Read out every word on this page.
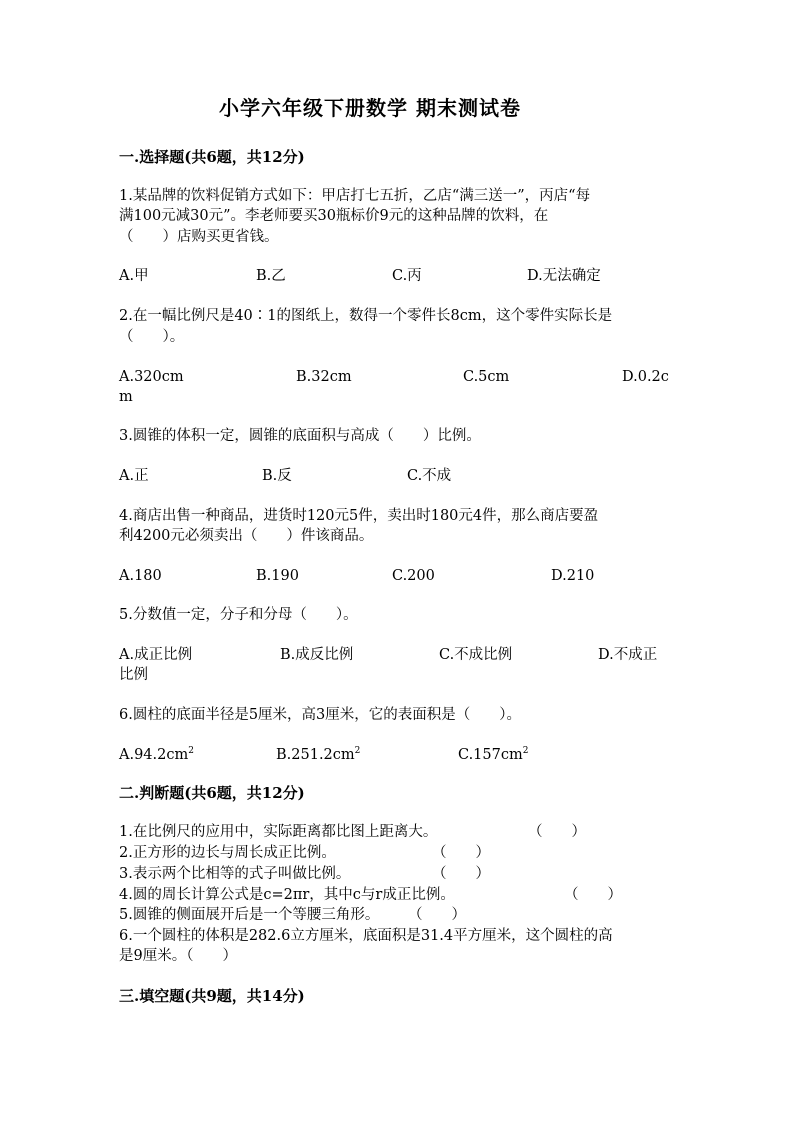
小学六年级下册数学 期末测试卷
一.选择题(共6题，共12分)
1.某品牌的饮料促销方式如下：甲店打七五折，乙店“满三送一”，丙店“每
满100元减30元”。李老师要买30瓶标价9元的这种品牌的饮料，在
（　　）店购买更省钱。
A.甲	B.乙	C.丙	D.无法确定
2.在一幅比例尺是40∶1的图纸上，数得一个零件长8cm，这个零件实际长是
（　　）。
A.320cm	B.32cm	C.5cm	D.0.2c
m
3.圆锥的体积一定，圆锥的底面积与高成（　　）比例。
A.正	B.反	C.不成
4.商店出售一种商品，进货时120元5件，卖出时180元4件，那么商店要盈
利4200元必须卖出（　　）件该商品。
A.180	B.190	C.200	D.210
5.分数值一定，分子和分母（　　）。
A.成正比例	B.成反比例	C.不成比例	D.不成正
比例
6.圆柱的底面半径是5厘米，高3厘米，它的表面积是（　　）。
$A.94.2cm^2$	$B.251.2cm^2$	$C.157cm^2$
二.判断题(共6题，共12分)
1.在比例尺的应用中，实际距离都比图上距离大。	（　　）
2.正方形的边长与周长成正比例。	（　　）
3.表示两个比相等的式子叫做比例。	（　　）
4.圆的周长计算公式是c=2πr，其中c与r成正比例。	（　　）
5.圆锥的侧面展开后是一个等腰三角形。 （　　）
6.一个圆柱的体积是282.6立方厘米，底面积是31.4平方厘米，这个圆柱的高
是9厘米。（　　）
三.填空题(共9题，共14分)
